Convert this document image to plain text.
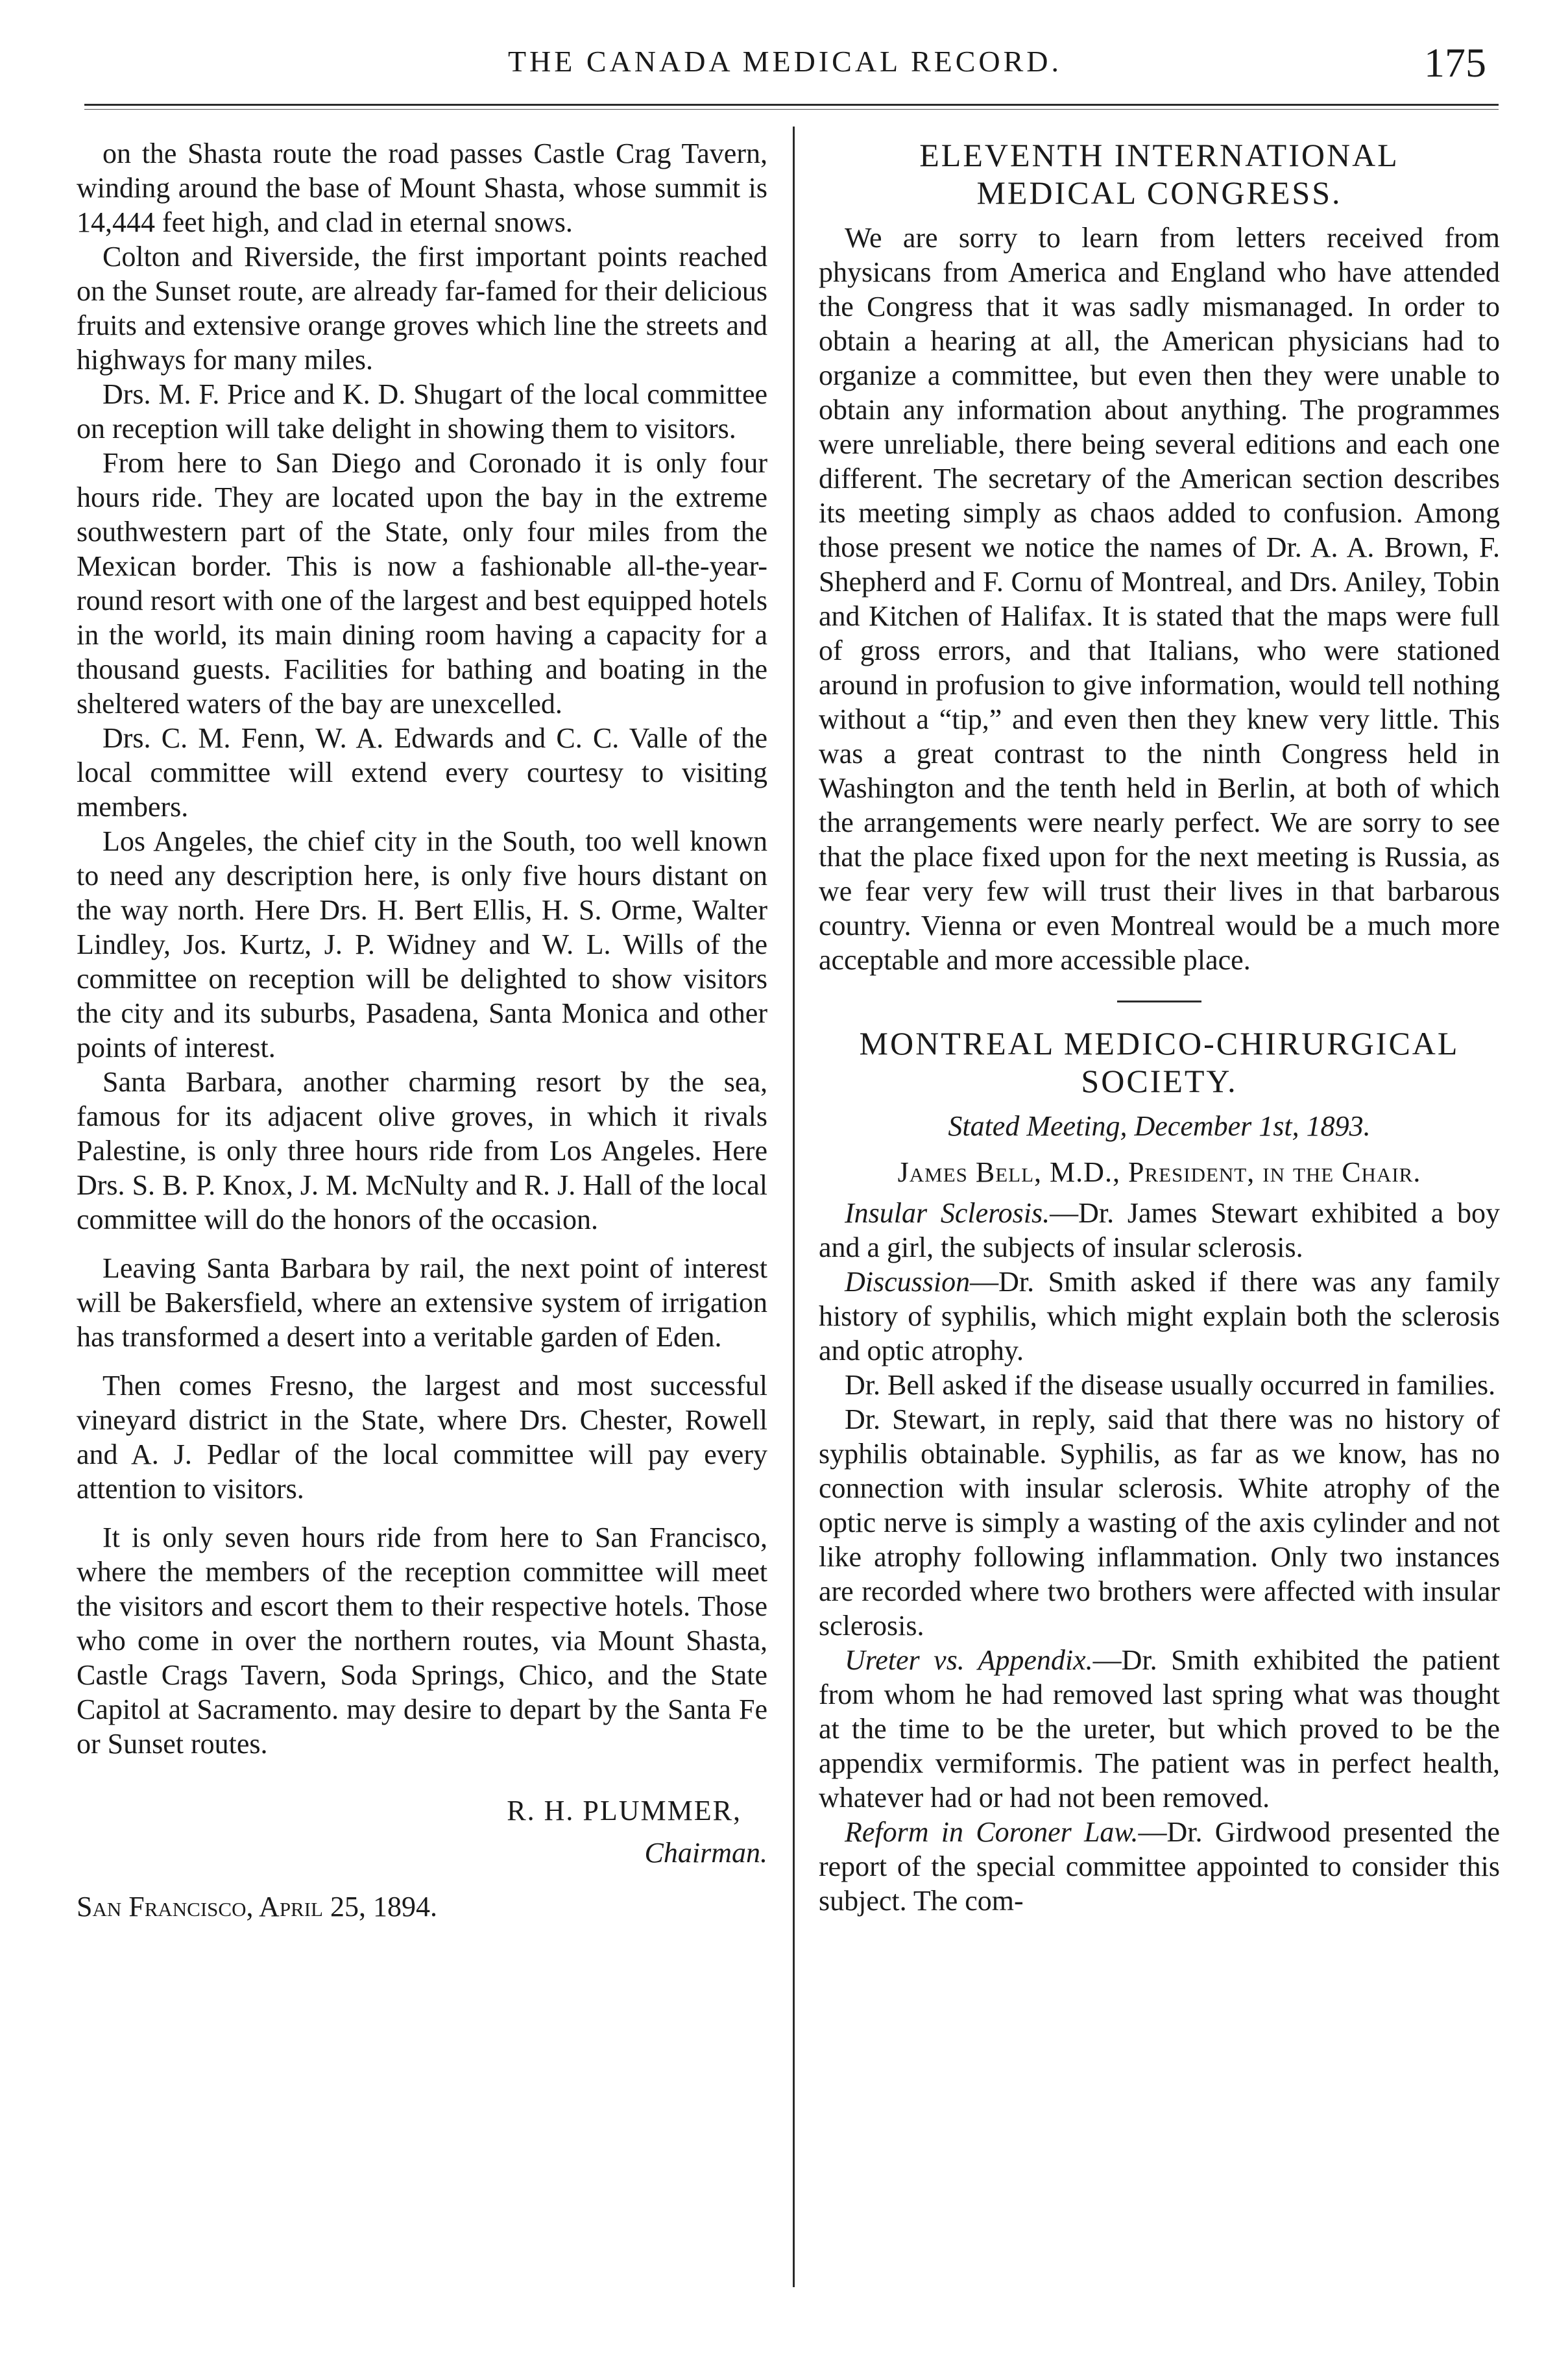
THE CANADA MEDICAL RECORD.	175

on the Shasta route the road passes Castle Crag Tavern, winding around the base of Mount Shasta, whose summit is 14,444 feet high, and clad in eternal snows.

Colton and Riverside, the first important points reached on the Sunset route, are already far-famed for their delicious fruits and extensive orange groves which line the streets and highways for many miles.

Drs. M. F. Price and K. D. Shugart of the local committee on reception will take delight in showing them to visitors.

From here to San Diego and Coronado it is only four hours ride. They are located upon the bay in the extreme southwestern part of the State, only four miles from the Mexican border. This is now a fashionable all-the-year-round resort with one of the largest and best equipped hotels in the world, its main dining room having a capacity for a thousand guests. Facilities for bathing and boating in the sheltered waters of the bay are unexcelled.

Drs. C. M. Fenn, W. A. Edwards and C. C. Valle of the local committee will extend every courtesy to visiting members.

Los Angeles, the chief city in the South, too well known to need any description here, is only five hours distant on the way north. Here Drs. H. Bert Ellis, H. S. Orme, Walter Lindley, Jos. Kurtz, J. P. Widney and W. L. Wills of the committee on reception will be delighted to show visitors the city and its suburbs, Pasadena, Santa Monica and other points of interest.

Santa Barbara, another charming resort by the sea, famous for its adjacent olive groves, in which it rivals Palestine, is only three hours ride from Los Angeles. Here Drs. S. B. P. Knox, J. M. McNulty and R. J. Hall of the local committee will do the honors of the occasion.

Leaving Santa Barbara by rail, the next point of interest will be Bakersfield, where an extensive system of irrigation has transformed a desert into a veritable garden of Eden.

Then comes Fresno, the largest and most successful vineyard district in the State, where Drs. Chester, Rowell and A. J. Pedlar of the local committee will pay every attention to visitors.

It is only seven hours ride from here to San Francisco, where the members of the reception committee will meet the visitors and escort them to their respective hotels. Those who come in over the northern routes, via Mount Shasta, Castle Crags Tavern, Soda Springs, Chico, and the State Capitol at Sacramento. may desire to depart by the Santa Fe or Sunset routes.

R. H. PLUMMER,

Chairman.

San Francisco, April 25, 1894.

ELEVENTH INTERNATIONAL

MEDICAL CONGRESS.

We are sorry to learn from letters received from physicans from America and England who have attended the Congress that it was sadly mismanaged. In order to obtain a hearing at all, the American physicians had to organize a committee, but even then they were unable to obtain any information about anything. The programmes were unreliable, there being several editions and each one different. The secretary of the American section describes its meeting simply as chaos added to confusion. Among those present we notice the names of Dr. A. A. Brown, F. Shepherd and F. Cornu of Montreal, and Drs. Aniley, Tobin and Kitchen of Halifax. It is stated that the maps were full of gross errors, and that Italians, who were stationed around in profusion to give information, would tell nothing without a “tip,” and even then they knew very little. This was a great contrast to the ninth Congress held in Washington and the tenth held in Berlin, at both of which the arrangements were nearly perfect. We are sorry to see that the place fixed upon for the next meeting is Russia, as we fear very few will trust their lives in that barbarous country. Vienna or even Montreal would be a much more acceptable and more accessible place.

MONTREAL MEDICO-CHIRURGICAL

SOCIETY.

Stated Meeting, December 1st, 1893.

James Bell, M.D., President, in the Chair.

Insular Sclerosis.—Dr. James Stewart exhibited a boy and a girl, the subjects of insular sclerosis.

Discussion—Dr. Smith asked if there was any family history of syphilis, which might explain both the sclerosis and optic atrophy.

Dr. Bell asked if the disease usually occurred in families.

Dr. Stewart, in reply, said that there was no history of syphilis obtainable. Syphilis, as far as we know, has no connection with insular sclerosis. White atrophy of the optic nerve is simply a wasting of the axis cylinder and not like atrophy following inflammation. Only two instances are recorded where two brothers were affected with insular sclerosis.

Ureter vs. Appendix.—Dr. Smith exhibited the patient from whom he had removed last spring what was thought at the time to be the ureter, but which proved to be the appendix vermiformis. The patient was in perfect health, whatever had or had not been removed.

Reform in Coroner Law.—Dr. Girdwood presented the report of the special committee appointed to consider this subject. The com-
